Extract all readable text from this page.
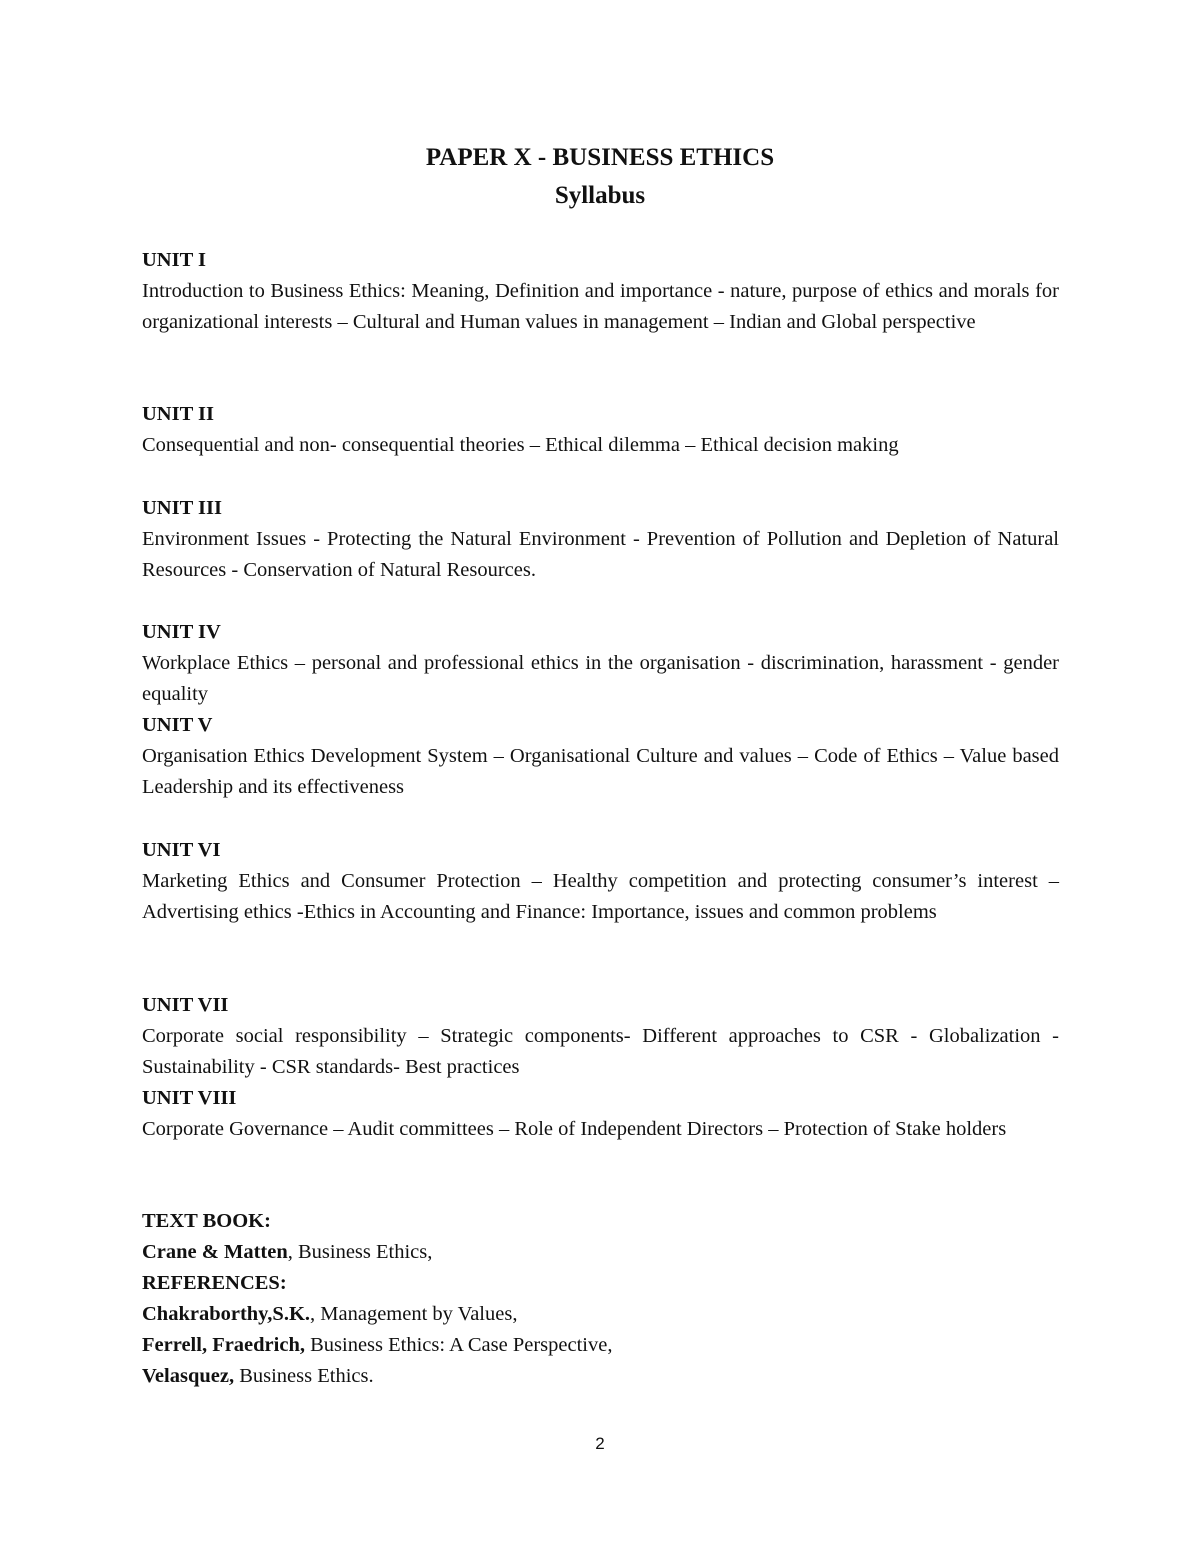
PAPER X - BUSINESS ETHICS
Syllabus
UNIT I
Introduction to Business Ethics: Meaning, Definition and importance - nature, purpose of ethics and morals for organizational interests – Cultural and Human values in management – Indian and Global perspective
UNIT II
Consequential and non- consequential theories – Ethical dilemma – Ethical decision making
UNIT III
Environment Issues - Protecting the Natural Environment - Prevention of Pollution and Depletion of Natural Resources - Conservation of Natural Resources.
UNIT IV
Workplace Ethics – personal and professional ethics in the organisation - discrimination, harassment - gender equality
UNIT V
Organisation Ethics Development System – Organisational Culture and values – Code of Ethics – Value based Leadership and its effectiveness
UNIT VI
Marketing Ethics and Consumer Protection – Healthy competition and protecting consumer’s interest – Advertising ethics -Ethics in Accounting and Finance: Importance, issues and common problems
UNIT VII
Corporate social responsibility – Strategic components- Different approaches to CSR - Globalization - Sustainability - CSR standards- Best practices
UNIT VIII
Corporate Governance – Audit committees – Role of Independent Directors – Protection of Stake holders
TEXT BOOK:
Crane & Matten, Business Ethics,
REFERENCES:
Chakraborthy,S.K., Management by Values,
Ferrell, Fraedrich, Business Ethics: A Case Perspective,
Velasquez, Business Ethics.
2
